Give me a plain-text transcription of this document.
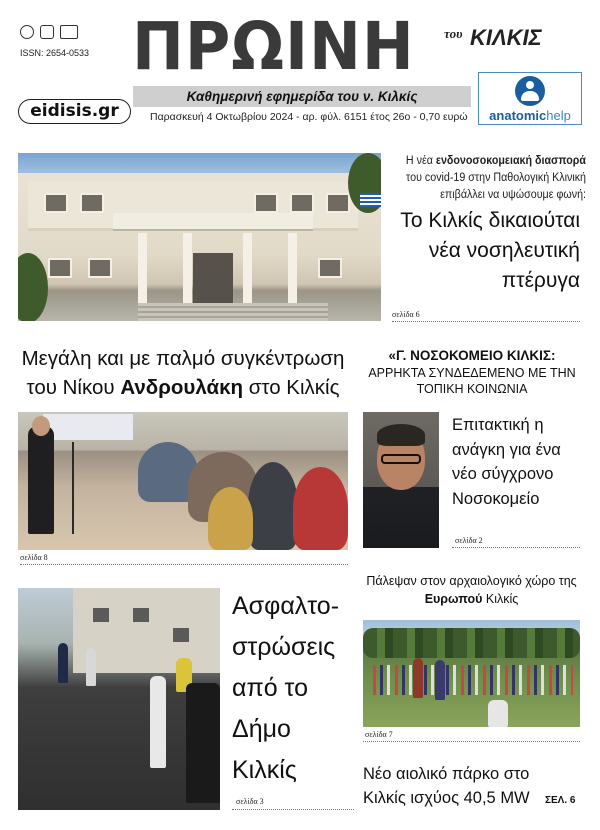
ISSN: 2654-0533
eidisis.gr
ΠΡΩΙΝΗ	του ΚΙΛΚΙΣ
Καθημερινή εφημερίδα του ν. Κιλκίς
Παρασκευή 4 Οκτωβρίου 2024 - αρ. φύλ. 6151 έτος 26ο - 0,70 ευρώ	anatomichelp
Η νέα ενδονοσοκομειακή διασπορά του covid-19 στην Παθολογική Κλινική επιβάλλει να υψώσουμε φωνή:
Το Κιλκίς δικαιούται νέα νοσηλευτική πτέρυγα
σελίδα 6
Μεγάλη και με παλμό συγκέντρωση του Νίκου Ανδρουλάκη στο Κιλκίς
σελίδα 8
«Γ. ΝΟΣΟΚΟΜΕΙΟ ΚΙΛΚΙΣ:
ΑΡΡΗΚΤΑ ΣΥΝΔΕΔΕΜΕΝΟ ΜΕ ΤΗΝ ΤΟΠΙΚΗ ΚΟΙΝΩΝΙΑ
Επιτακτική η ανάγκη για ένα νέο σύγχρονο Νοσοκομείο
σελίδα 2
Ασφαλτο-στρώσεις από το Δήμο Κιλκίς
σελίδα 3
Πάλεψαν στον αρχαιολογικό χώρο της Ευρωπού Κιλκίς
σελίδα 7
Νέο αιολικό πάρκο στο Κιλκίς ισχύος 40,5 MW	ΣΕΛ. 6
